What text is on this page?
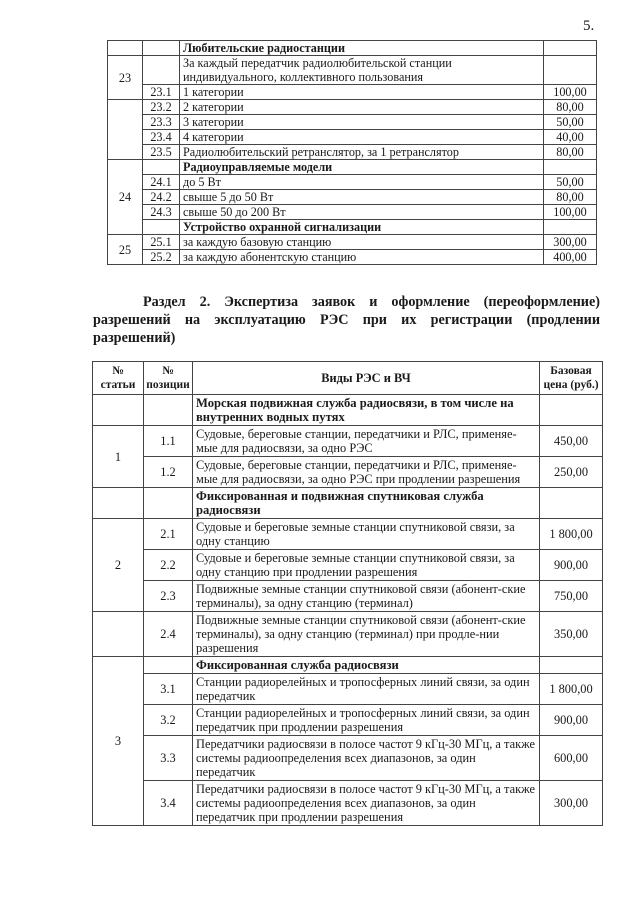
5.
		Любительские радиостанции	
23		За каждый передатчик радиолюбительской станции индивидуального, коллективного пользования	
	23.1	1 категории	100,00
	23.2	2 категории	80,00
	23.3	3 категории	50,00
	23.4	4 категории	40,00
	23.5	Радиолюбительский ретранслятор, за 1 ретранслятор	80,00
24		Радиоуправляемые модели	
	24.1	до 5 Вт	50,00
	24.2	свыше 5 до 50 Вт	80,00
	24.3	свыше 50 до 200 Вт	100,00
		Устройство охранной сигнализации	
25	25.1	за каждую базовую станцию	300,00
	25.2	за каждую абонентскую станцию	400,00

Раздел 2. Экспертиза заявок и оформление (переоформление) разрешений на эксплуатацию РЭС при их регистрации (продлении разрешений)

№ статьи	№ позиции	Виды РЭС и ВЧ	Базовая цена (руб.)
		Морская подвижная служба радиосвязи, в том числе на внутренних водных путях	
1	1.1	Судовые, береговые станции, передатчики и РЛС, применяе-мые для радиосвязи, за одно РЭС	450,00
	1.2	Судовые, береговые станции, передатчики и РЛС, применяе-мые для радиосвязи, за одно РЭС при продлении разрешения	250,00
		Фиксированная и подвижная спутниковая служба радиосвязи	
2	2.1	Судовые и береговые земные станции спутниковой связи, за одну станцию	1 800,00
	2.2	Судовые и береговые земные станции спутниковой связи, за одну станцию при продлении разрешения	900,00
	2.3	Подвижные земные станции спутниковой связи (абонент-ские терминалы), за одну станцию (терминал)	750,00
	2.4	Подвижные земные станции спутниковой связи (абонент-ские терминалы), за одну станцию (терминал) при продле-нии разрешения	350,00
3		Фиксированная служба радиосвязи	
	3.1	Станции радиорелейных и тропосферных линий связи, за один передатчик	1 800,00
	3.2	Станции радиорелейных и тропосферных линий связи, за один передатчик при продлении разрешения	900,00
	3.3	Передатчики радиосвязи в полосе частот 9 кГц-30 МГц, а также системы радиоопределения всех диапазонов, за один передатчик	600,00
	3.4	Передатчики радиосвязи в полосе частот 9 кГц-30 МГц, а также системы радиоопределения всех диапазонов, за один передатчик при продлении разрешения	300,00
